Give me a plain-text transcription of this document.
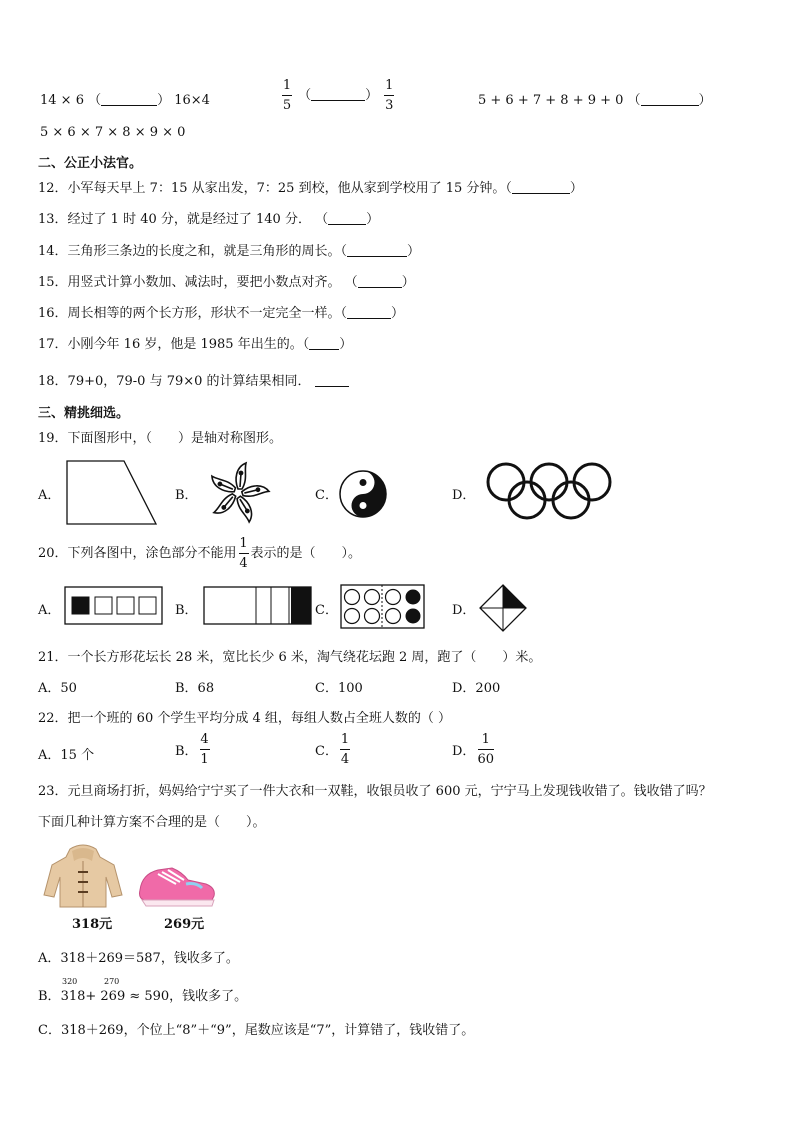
14 × 6 （	） 16×4	$\frac{1}{5}$ （	） $\frac{1}{3}$	5 + 6 + 7 + 8 + 9 + 0 （	）
5 × 6 × 7 × 8 × 9 × 0
二、公正小法官。
12．小军每天早上 7：15 从家出发，7：25 到校，他从家到学校用了 15 分钟。（	）
13．经过了 1 时 40 分，就是经过了 140 分． （	）
14．三角形三条边的长度之和，就是三角形的周长。（	）
15．用竖式计算小数加、减法时，要把小数点对齐。 （	）
16．周长相等的两个长方形，形状不一定完全一样。（	）
17．小刚今年 16 岁，他是 1985 年出生的。（ ）
18．79+0，79-0 与 79×0 的计算结果相同．
三、精挑细选。
19．下面图形中，（　　）是轴对称图形。
A．	B．	C．	D．
20．下列各图中，涂色部分不能用 $\frac{1}{4}$ 表示的是（　　）。
A．	B．	C．	D．
21．一个长方形花坛长 28 米，宽比长少 6 米，淘气绕花坛跑 2 周，跑了（　　）米。
A．50	B．68	C．100	D．200
22．把一个班的 60 个学生平均分成 4 组，每组人数占全班人数的（ ）
A．15 个	B． $\frac{4}{1}$	C． $\frac{1}{4}$	D． $\frac{1}{60}$
23．元旦商场打折，妈妈给宁宁买了一件大衣和一双鞋，收银员收了 600 元，宁宁马上发现钱收错了。钱收错了吗？
下面几种计算方案不合理的是（　　）。
318元	269元
A．318＋269＝587，钱收多了。
B．318+ 269 ≈ 590，钱收多了。
320	270
C．318＋269，个位上“8”＋“9”，尾数应该是“7”，计算错了，钱收错了。
